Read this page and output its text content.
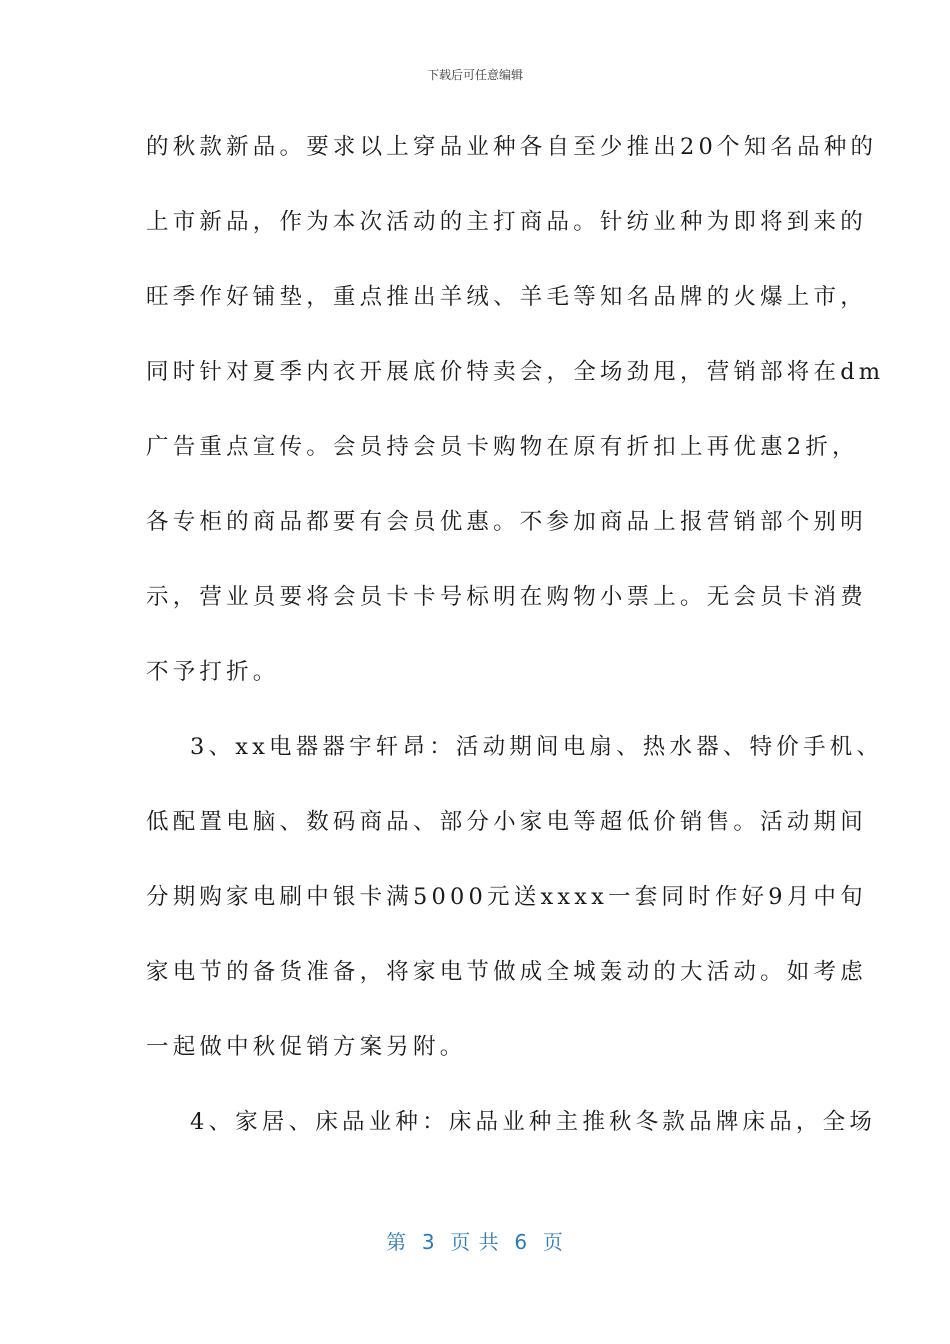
下载后可任意编辑
的秋款新品。要求以上穿品业种各自至少推出20个知名品种的
上市新品，作为本次活动的主打商品。针纺业种为即将到来的
旺季作好铺垫，重点推出羊绒、羊毛等知名品牌的火爆上市，
同时针对夏季内衣开展底价特卖会，全场劲甩，营销部将在dm
广告重点宣传。会员持会员卡购物在原有折扣上再优惠2折，
各专柜的商品都要有会员优惠。不参加商品上报营销部个别明
示，营业员要将会员卡卡号标明在购物小票上。无会员卡消费
不予打折。
3、xx电器器宇轩昂：活动期间电扇、热水器、特价手机、
低配置电脑、数码商品、部分小家电等超低价销售。活动期间
分期购家电刷中银卡满5000元送xxxx一套同时作好9月中旬
家电节的备货准备，将家电节做成全城轰动的大活动。如考虑
一起做中秋促销方案另附。
4、家居、床品业种：床品业种主推秋冬款品牌床品，全场
第  3  页 共  6  页
